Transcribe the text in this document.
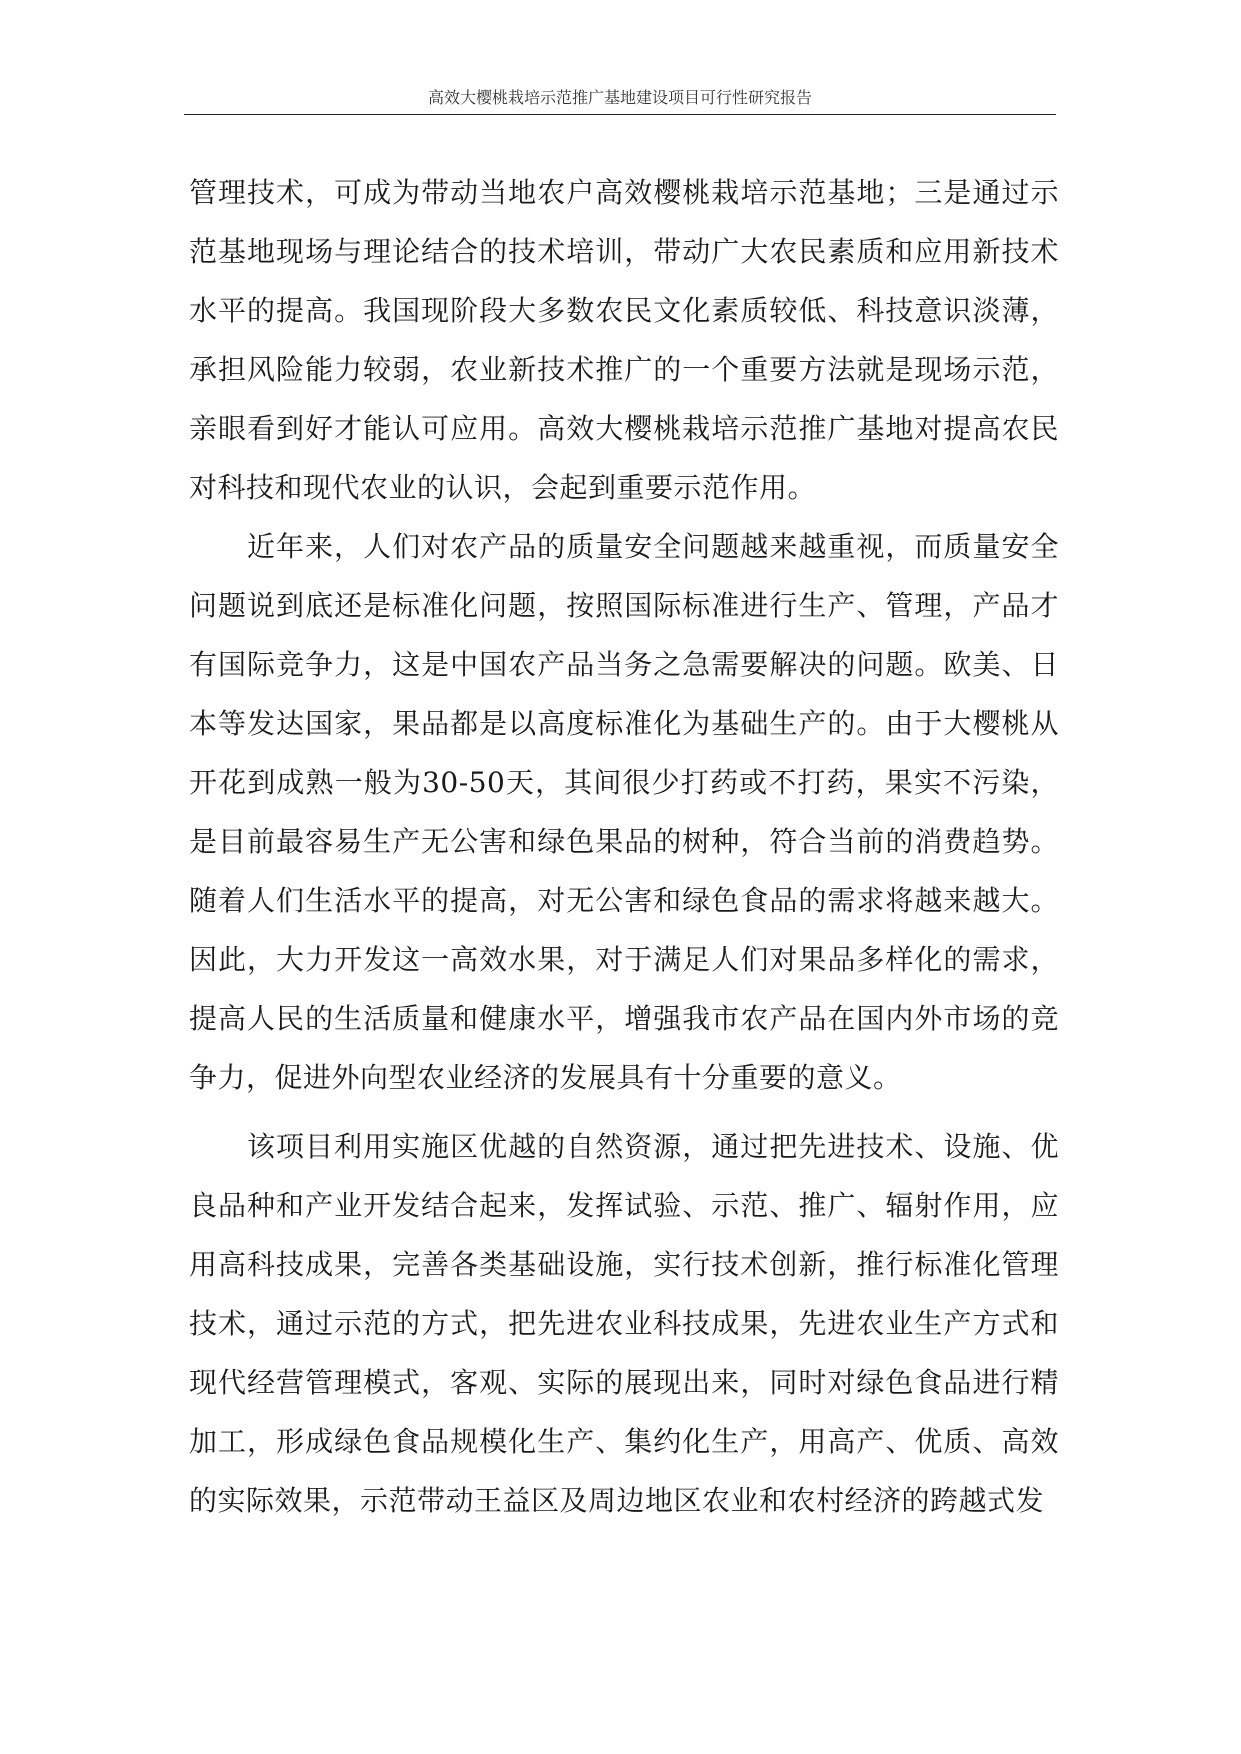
高效大樱桃栽培示范推广基地建设项目可行性研究报告

管理技术，可成为带动当地农户高效樱桃栽培示范基地；三是通过示范基地现场与理论结合的技术培训，带动广大农民素质和应用新技术水平的提高。我国现阶段大多数农民文化素质较低、科技意识淡薄，承担风险能力较弱，农业新技术推广的一个重要方法就是现场示范，亲眼看到好才能认可应用。高效大樱桃栽培示范推广基地对提高农民对科技和现代农业的认识，会起到重要示范作用。

近年来，人们对农产品的质量安全问题越来越重视，而质量安全问题说到底还是标准化问题，按照国际标准进行生产、管理，产品才有国际竞争力，这是中国农产品当务之急需要解决的问题。欧美、日本等发达国家，果品都是以高度标准化为基础生产的。由于大樱桃从开花到成熟一般为30-50天，其间很少打药或不打药，果实不污染，是目前最容易生产无公害和绿色果品的树种，符合当前的消费趋势。随着人们生活水平的提高，对无公害和绿色食品的需求将越来越大。因此，大力开发这一高效水果，对于满足人们对果品多样化的需求，提高人民的生活质量和健康水平，增强我市农产品在国内外市场的竞争力，促进外向型农业经济的发展具有十分重要的意义。

该项目利用实施区优越的自然资源，通过把先进技术、设施、优良品种和产业开发结合起来，发挥试验、示范、推广、辐射作用，应用高科技成果，完善各类基础设施，实行技术创新，推行标准化管理技术，通过示范的方式，把先进农业科技成果，先进农业生产方式和现代经营管理模式，客观、实际的展现出来，同时对绿色食品进行精加工，形成绿色食品规模化生产、集约化生产，用高产、优质、高效的实际效果，示范带动王益区及周边地区农业和农村经济的跨越式发
